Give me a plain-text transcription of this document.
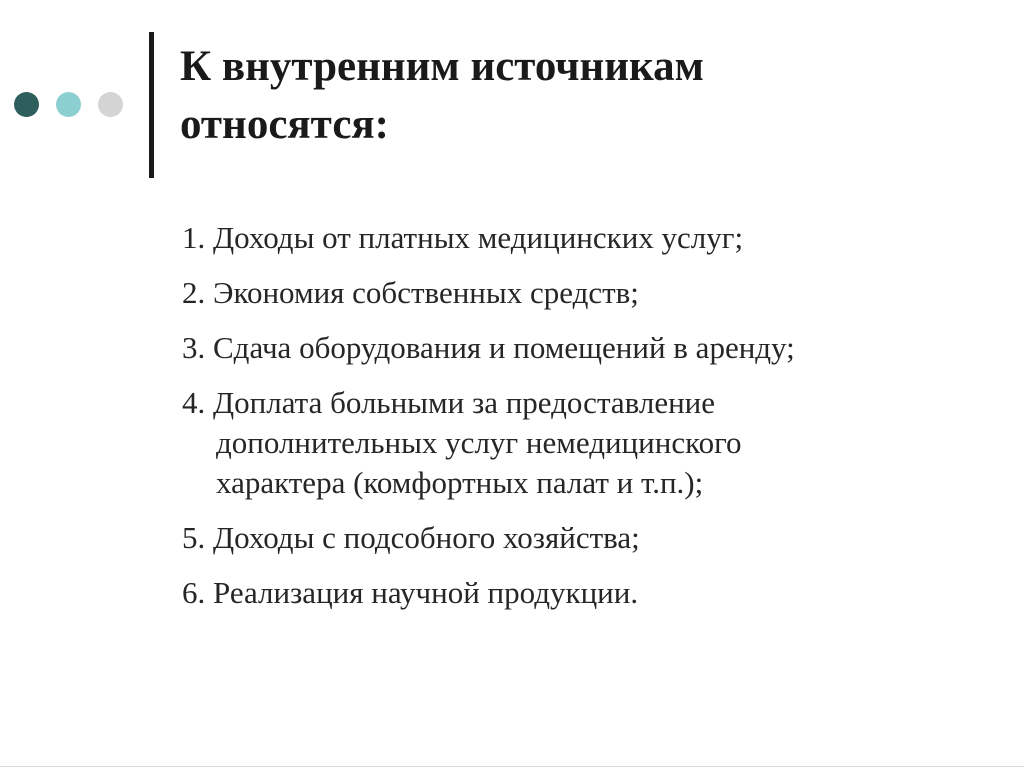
К внутренним источникам
относятся:
1. Доходы от платных медицинских услуг;
2. Экономия собственных средств;
3. Сдача оборудования и помещений в аренду;
4. Доплата больными за предоставление
дополнительных услуг немедицинского
характера (комфортных палат и т.п.);
5. Доходы с подсобного хозяйства;
6. Реализация научной продукции.
